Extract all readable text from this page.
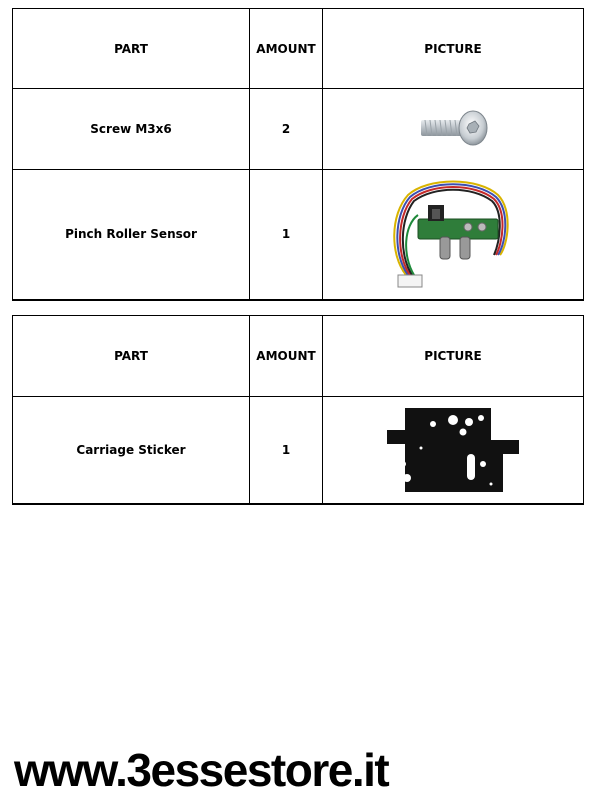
PART	AMOUNT	PICTURE
Screw M3x6	2	

Pinch Roller Sensor	1	
PART	AMOUNT	PICTURE
Carriage Sticker	1	
www.3essestore.it
